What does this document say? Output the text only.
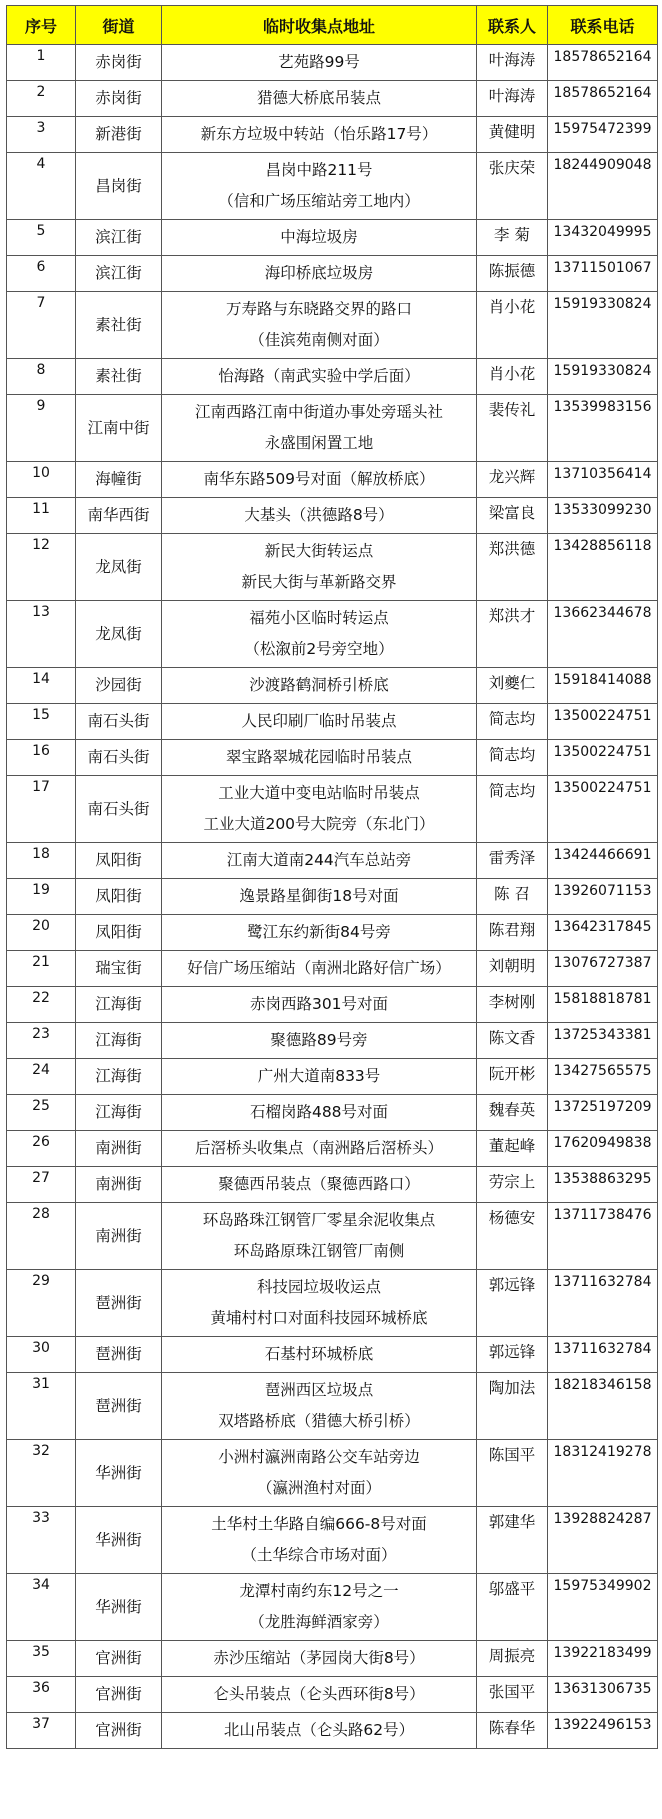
序号	街道	临时收集点地址	联系人	联系电话
1	赤岗街	艺苑路99号	叶海涛	18578652164
2	赤岗街	猎德大桥底吊装点	叶海涛	18578652164
3	新港街	新东方垃圾中转站（怡乐路17号）	黄健明	15975472399
4	昌岗街	昌岗中路211号
（信和广场压缩站旁工地内）	张庆荣	18244909048
5	滨江街	中海垃圾房	李 菊	13432049995
6	滨江街	海印桥底垃圾房	陈振德	13711501067
7	素社街	万寿路与东晓路交界的路口
（佳滨苑南侧对面）	肖小花	15919330824
8	素社街	怡海路（南武实验中学后面）	肖小花	15919330824
9	江南中街	江南西路江南中街道办事处旁瑶头社
永盛围闲置工地	裴传礼	13539983156
10	海幢街	南华东路509号对面（解放桥底）	龙兴辉	13710356414
11	南华西街	大基头（洪德路8号）	梁富良	13533099230
12	龙凤街	新民大街转运点
新民大街与革新路交界	郑洪德	13428856118
13	龙凤街	福苑小区临时转运点
（松溆前2号旁空地）	郑洪才	13662344678
14	沙园街	沙渡路鹤洞桥引桥底	刘夔仁	15918414088
15	南石头街	人民印刷厂临时吊装点	简志均	13500224751
16	南石头街	翠宝路翠城花园临时吊装点	简志均	13500224751
17	南石头街	工业大道中变电站临时吊装点
工业大道200号大院旁（东北门）	简志均	13500224751
18	凤阳街	江南大道南244汽车总站旁	雷秀泽	13424466691
19	凤阳街	逸景路星御街18号对面	陈 召	13926071153
20	凤阳街	鹭江东约新街84号旁	陈君翔	13642317845
21	瑞宝街	好信广场压缩站（南洲北路好信广场）	刘朝明	13076727387
22	江海街	赤岗西路301号对面	李树刚	15818818781
23	江海街	聚德路89号旁	陈文香	13725343381
24	江海街	广州大道南833号	阮开彬	13427565575
25	江海街	石榴岗路488号对面	魏春英	13725197209
26	南洲街	后滘桥头收集点（南洲路后滘桥头）	董起峰	17620949838
27	南洲街	聚德西吊装点（聚德西路口）	劳宗上	13538863295
28	南洲街	环岛路珠江钢管厂零星余泥收集点
环岛路原珠江钢管厂南侧	杨德安	13711738476
29	琶洲街	科技园垃圾收运点
黄埔村村口对面科技园环城桥底	郭远锋	13711632784
30	琶洲街	石基村环城桥底	郭远锋	13711632784
31	琶洲街	琶洲西区垃圾点
双塔路桥底（猎德大桥引桥）	陶加法	18218346158
32	华洲街	小洲村瀛洲南路公交车站旁边
（瀛洲渔村对面）	陈国平	18312419278
33	华洲街	土华村土华路自编666-8号对面
（土华综合市场对面）	郭建华	13928824287
34	华洲街	龙潭村南约东12号之一
（龙胜海鲜酒家旁）	邬盛平	15975349902
35	官洲街	赤沙压缩站（茅园岗大街8号）	周振亮	13922183499
36	官洲街	仑头吊装点（仑头西环街8号）	张国平	13631306735
37	官洲街	北山吊装点（仑头路62号）	陈春华	13922496153
